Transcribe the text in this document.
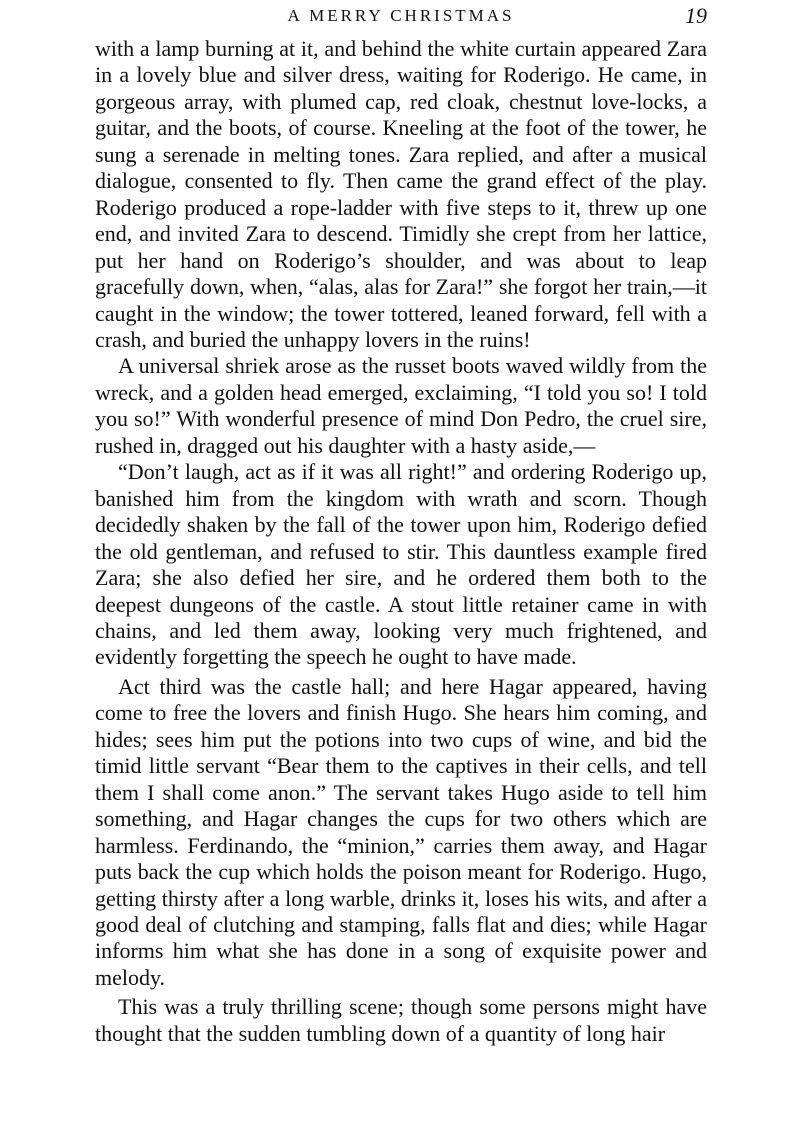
A MERRY CHRISTMAS	19

with a lamp burning at it, and behind the white curtain appeared Zara in a lovely blue and silver dress, waiting for Roderigo. He came, in gorgeous array, with plumed cap, red cloak, chestnut love-locks, a guitar, and the boots, of course. Kneeling at the foot of the tower, he sung a serenade in melting tones. Zara replied, and after a musical dialogue, consented to fly. Then came the grand effect of the play. Roderigo produced a rope-ladder with five steps to it, threw up one end, and invited Zara to descend. Timidly she crept from her lattice, put her hand on Roderigo’s shoulder, and was about to leap gracefully down, when, “alas, alas for Zara!” she forgot her train,—it caught in the window; the tower tottered, leaned forward, fell with a crash, and buried the unhappy lovers in the ruins!

A universal shriek arose as the russet boots waved wildly from the wreck, and a golden head emerged, exclaiming, “I told you so! I told you so!” With wonderful presence of mind Don Pedro, the cruel sire, rushed in, dragged out his daughter with a hasty aside,—

“Don’t laugh, act as if it was all right!” and ordering Roderigo up, banished him from the kingdom with wrath and scorn. Though decidedly shaken by the fall of the tower upon him, Roderigo defied the old gentleman, and refused to stir. This dauntless example fired Zara; she also defied her sire, and he ordered them both to the deepest dungeons of the castle. A stout little retainer came in with chains, and led them away, looking very much frightened, and evidently forgetting the speech he ought to have made.

Act third was the castle hall; and here Hagar appeared, having come to free the lovers and finish Hugo. She hears him coming, and hides; sees him put the potions into two cups of wine, and bid the timid little servant “Bear them to the captives in their cells, and tell them I shall come anon.” The servant takes Hugo aside to tell him something, and Hagar changes the cups for two others which are harmless. Ferdinando, the “minion,” carries them away, and Hagar puts back the cup which holds the poison meant for Roderigo. Hugo, getting thirsty after a long warble, drinks it, loses his wits, and after a good deal of clutching and stamping, falls flat and dies; while Hagar informs him what she has done in a song of exquisite power and melody.

This was a truly thrilling scene; though some persons might have thought that the sudden tumbling down of a quantity of long hair
